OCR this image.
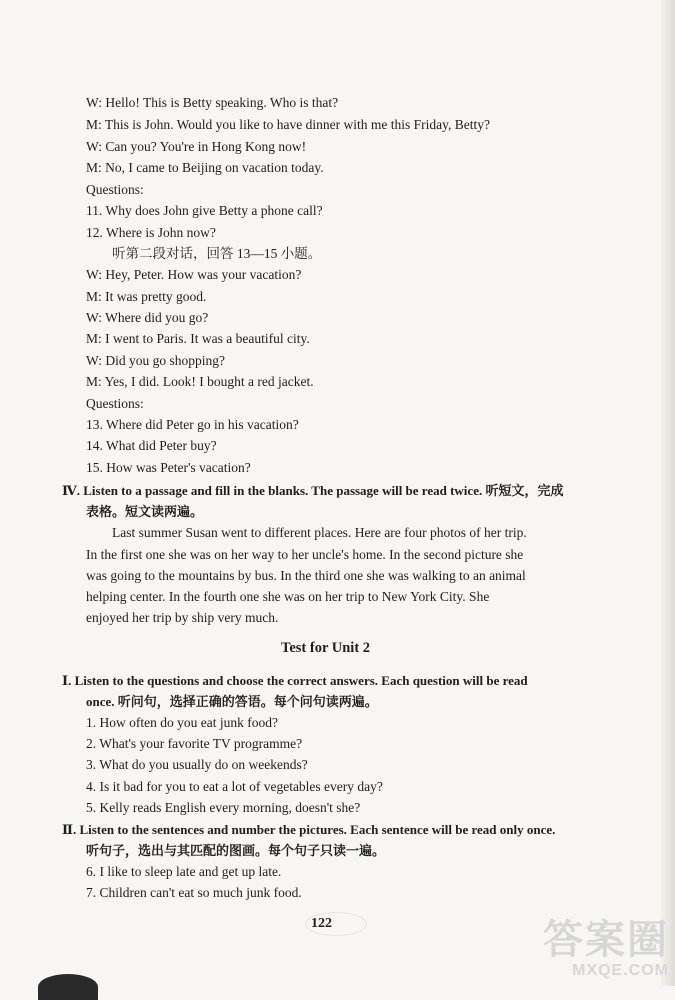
W: Hello! This is Betty speaking. Who is that?
M: This is John. Would you like to have dinner with me this Friday, Betty?
W: Can you? You're in Hong Kong now!
M: No, I came to Beijing on vacation today.
Questions:
11. Why does John give Betty a phone call?
12. Where is John now?
听第二段对话，回答 13—15 小题。
W: Hey, Peter. How was your vacation?
M: It was pretty good.
W: Where did you go?
M: I went to Paris. It was a beautiful city.
W: Did you go shopping?
M: Yes, I did. Look! I bought a red jacket.
Questions:
13. Where did Peter go in his vacation?
14. What did Peter buy?
15. How was Peter's vacation?
Ⅳ. Listen to a passage and fill in the blanks. The passage will be read twice. 听短文，完成
表格。短文读两遍。
Last summer Susan went to different places. Here are four photos of her trip.
In the first one she was on her way to her uncle's home. In the second picture she
was going to the mountains by bus. In the third one she was walking to an animal
helping center. In the fourth one she was on her trip to New York City. She
enjoyed her trip by ship very much.
Test for Unit 2
Ⅰ. Listen to the questions and choose the correct answers. Each question will be read
once. 听问句，选择正确的答语。每个问句读两遍。
1. How often do you eat junk food?
2. What's your favorite TV programme?
3. What do you usually do on weekends?
4. Is it bad for you to eat a lot of vegetables every day?
5. Kelly reads English every morning, doesn't she?
Ⅱ. Listen to the sentences and number the pictures. Each sentence will be read only once.
听句子，选出与其匹配的图画。每个句子只读一遍。
6. I like to sleep late and get up late.
7. Children can't eat so much junk food.
122	答案圈
MXQE.COM
